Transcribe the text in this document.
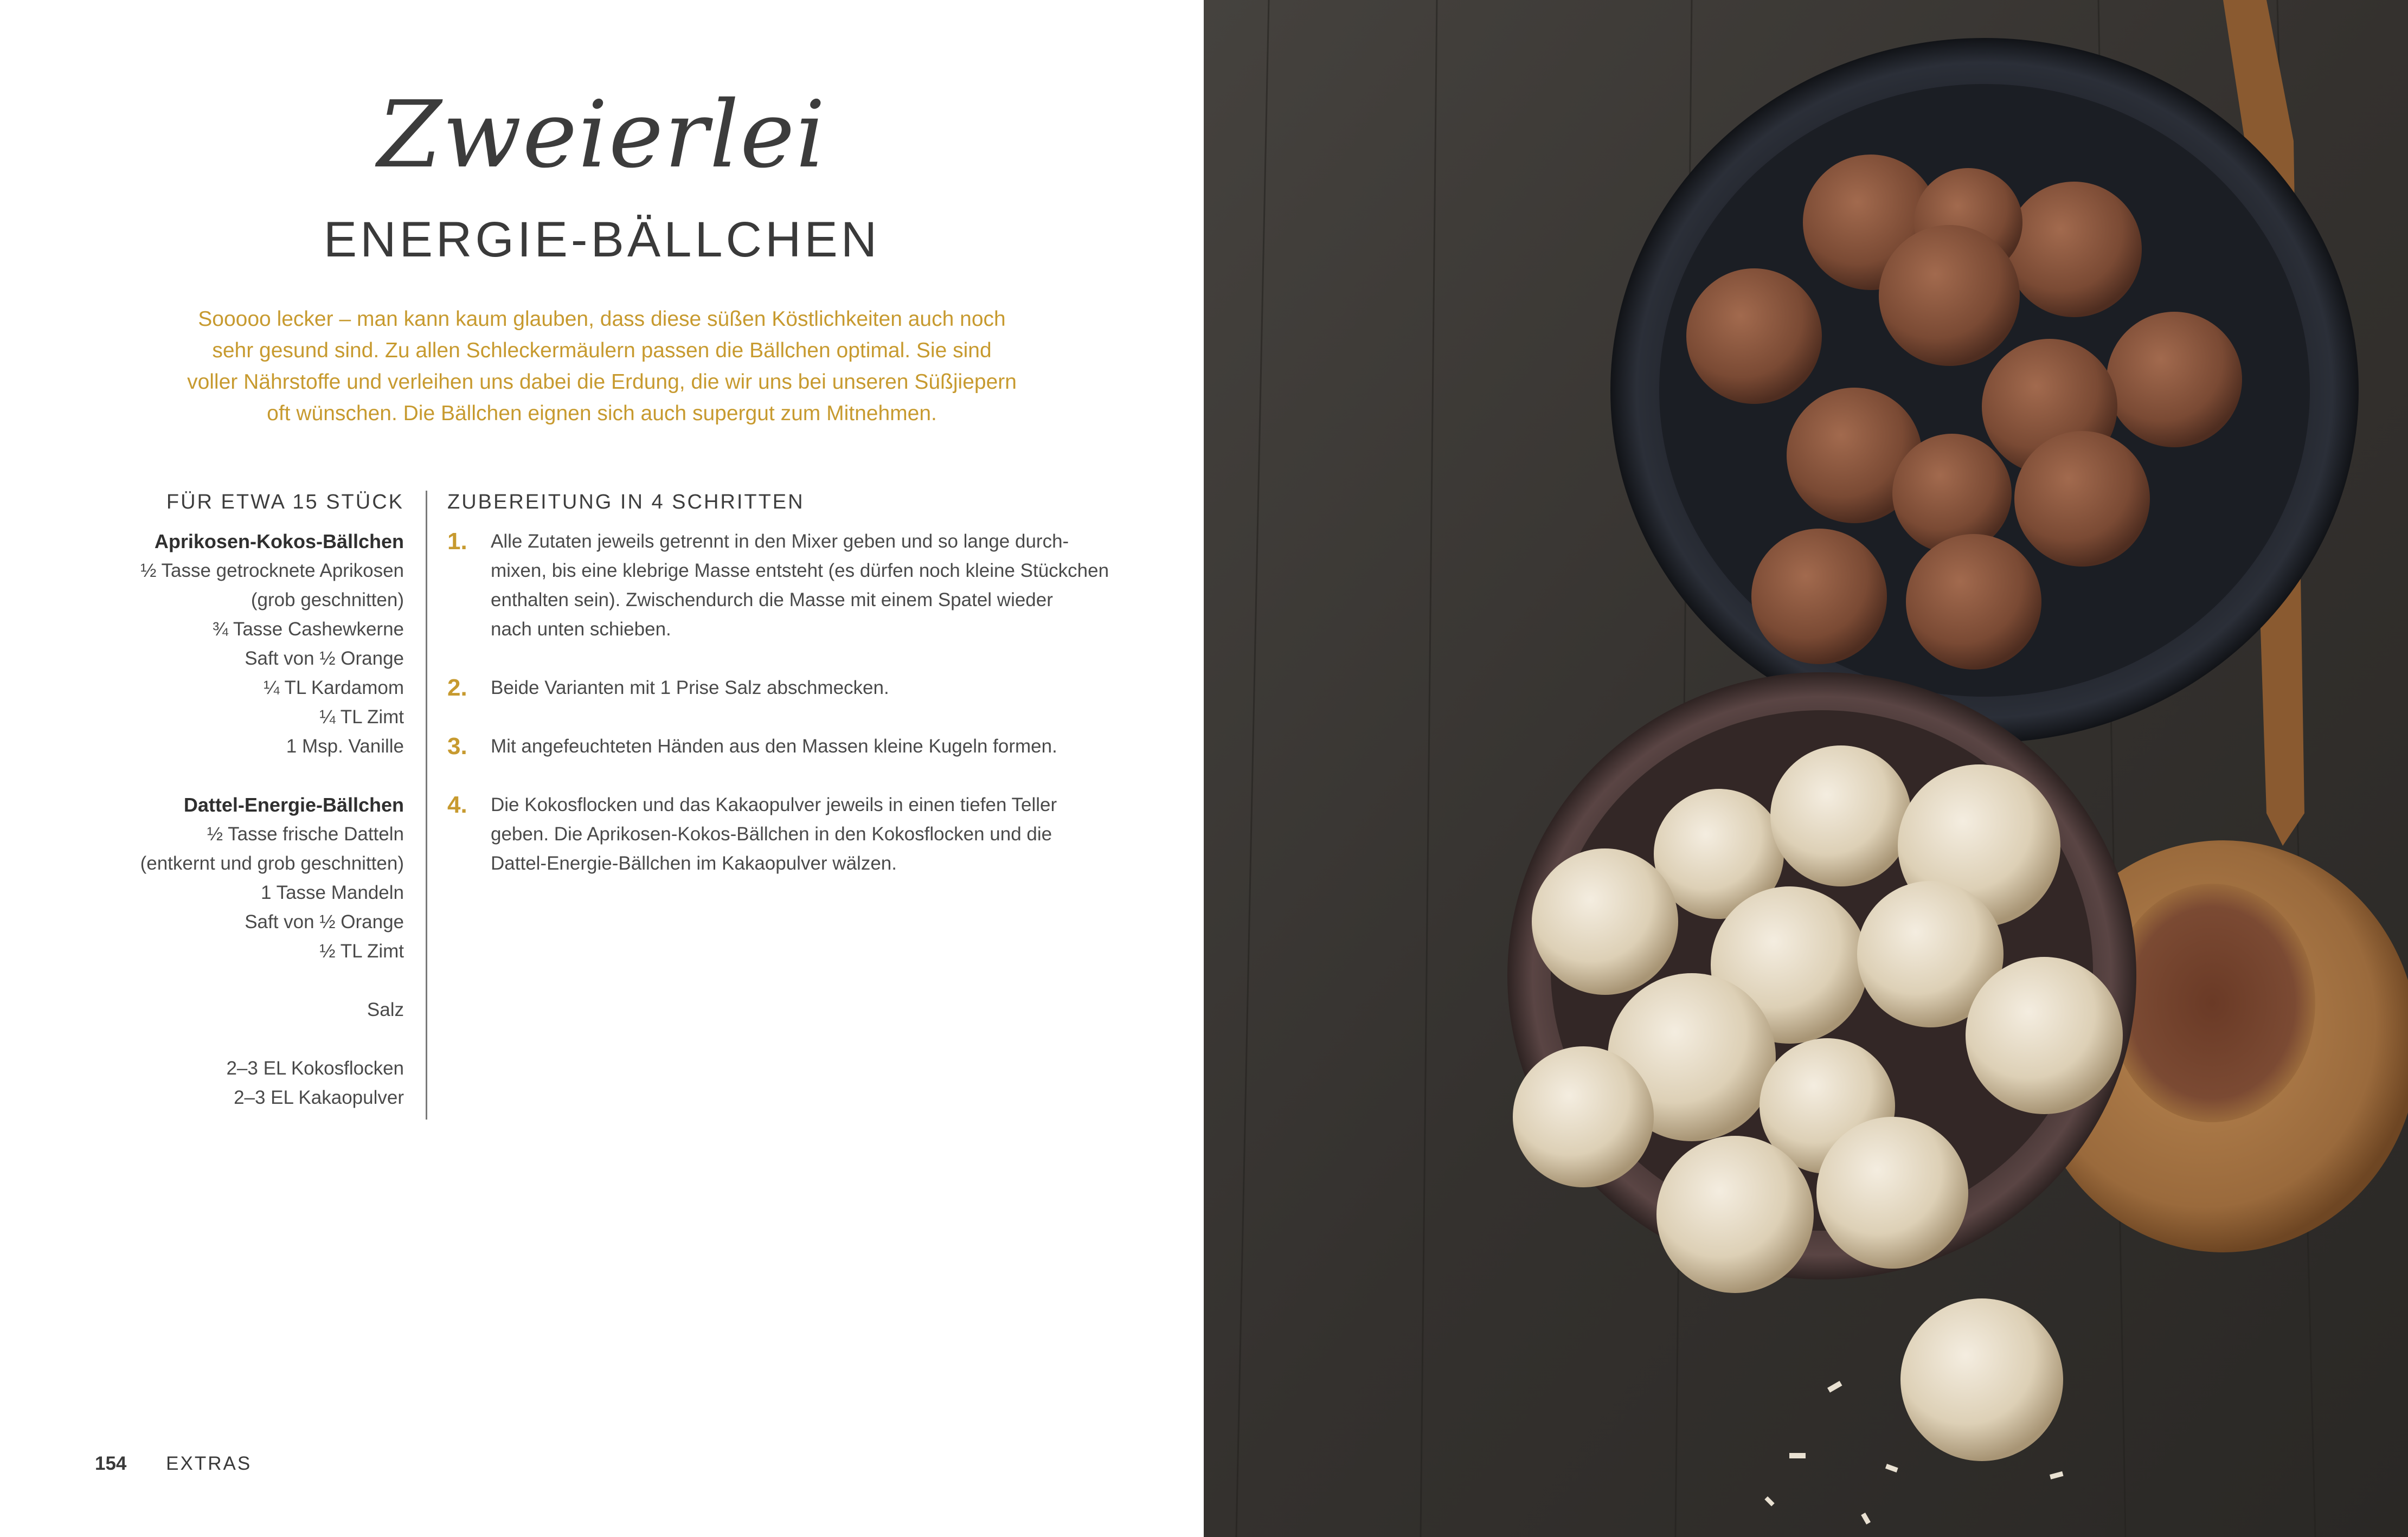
Zweierlei
ENERGIE-BÄLLCHEN
Sooooo lecker – man kann kaum glauben, dass diese süßen Köstlichkeiten auch noch
sehr gesund sind. Zu allen Schleckermäulern passen die Bällchen optimal. Sie sind
voller Nährstoffe und verleihen uns dabei die Erdung, die wir uns bei unseren Süßjiepern
oft wünschen. Die Bällchen eignen sich auch supergut zum Mitnehmen.
FÜR ETWA 15 STÜCK
Aprikosen-Kokos-Bällchen
½ Tasse getrocknete Aprikosen
(grob geschnitten)
¾ Tasse Cashewkerne
Saft von ½ Orange
¼ TL Kardamom
¼ TL Zimt
1 Msp. Vanille
Dattel-Energie-Bällchen
½ Tasse frische Datteln
(entkernt und grob geschnitten)
1 Tasse Mandeln
Saft von ½ Orange
½ TL Zimt
Salz
2–3 EL Kokosflocken
2–3 EL Kakaopulver
ZUBEREITUNG IN 4 SCHRITTEN
1. Alle Zutaten jeweils getrennt in den Mixer geben und so lange durch-
mixen, bis eine klebrige Masse entsteht (es dürfen noch kleine Stückchen
enthalten sein). Zwischendurch die Masse mit einem Spatel wieder
nach unten schieben.
2. Beide Varianten mit 1 Prise Salz abschmecken.
3. Mit angefeuchteten Händen aus den Massen kleine Kugeln formen.
4. Die Kokosflocken und das Kakaopulver jeweils in einen tiefen Teller
geben. Die Aprikosen-Kokos-Bällchen in den Kokosflocken und die
Dattel-Energie-Bällchen im Kakaopulver wälzen.
154 EXTRAS
